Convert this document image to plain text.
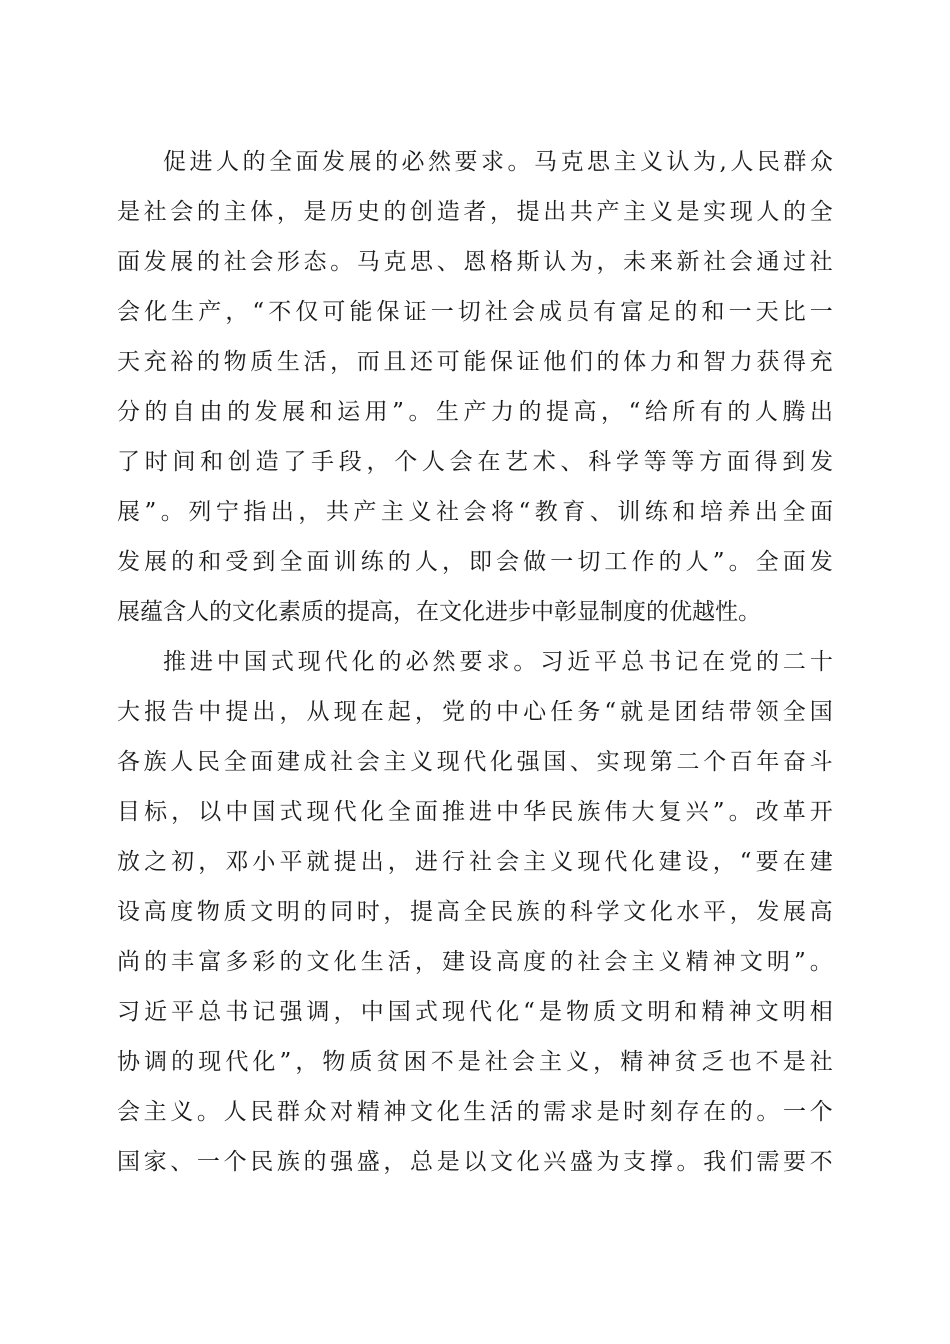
促 进 人 的 全 面 发 展 的 必 然 要 求 。 马 克 思 主 义 认 为 , 人 民 群 众
是 社 会 的 主 体 ， 是 历 史 的 创 造 者 ， 提 出 共 产 主 义 是 实 现 人 的 全
面 发 展 的 社 会 形 态 。 马 克 思 、 恩 格 斯 认 为 ， 未 来 新 社 会 通 过 社
会 化 生 产 ， “ 不 仅 可 能 保 证 一 切 社 会 成 员 有 富 足 的 和 一 天 比 一
天 充 裕 的 物 质 生 活 ， 而 且 还 可 能 保 证 他 们 的 体 力 和 智 力 获 得 充
分 的 自 由 的 发 展 和 运 用 ” 。 生 产 力 的 提 高 ， “ 给 所 有 的 人 腾 出
了 时 间 和 创 造 了 手 段 ， 个 人 会 在 艺 术 、 科 学 等 等 方 面 得 到 发
展 ” 。 列 宁 指 出 ， 共 产 主 义 社 会 将 “ 教 育 、 训 练 和 培 养 出 全 面
发 展 的 和 受 到 全 面 训 练 的 人 ， 即 会 做 一 切 工 作 的 人 ” 。 全 面 发
展 蕴 含 人 的 文 化 素 质 的 提 高 ， 在 文 化 进 步 中 彰 显 制 度 的 优 越 性 。
推 进 中 国 式 现 代 化 的 必 然 要 求 。 习 近 平 总 书 记 在 党 的 二 十
大 报 告 中 提 出 ， 从 现 在 起 ， 党 的 中 心 任 务 “ 就 是 团 结 带 领 全 国
各 族 人 民 全 面 建 成 社 会 主 义 现 代 化 强 国 、 实 现 第 二 个 百 年 奋 斗
目 标 ， 以 中 国 式 现 代 化 全 面 推 进 中 华 民 族 伟 大 复 兴 ” 。 改 革 开
放 之 初 ， 邓 小 平 就 提 出 ， 进 行 社 会 主 义 现 代 化 建 设 ， “ 要 在 建
设 高 度 物 质 文 明 的 同 时 ， 提 高 全 民 族 的 科 学 文 化 水 平 ， 发 展 高
尚 的 丰 富 多 彩 的 文 化 生 活 ， 建 设 高 度 的 社 会 主 义 精 神 文 明 ” 。
习 近 平 总 书 记 强 调 ， 中 国 式 现 代 化 “ 是 物 质 文 明 和 精 神 文 明 相
协 调 的 现 代 化 ” ， 物 质 贫 困 不 是 社 会 主 义 ， 精 神 贫 乏 也 不 是 社
会 主 义 。 人 民 群 众 对 精 神 文 化 生 活 的 需 求 是 时 刻 存 在 的 。 一 个
国 家 、 一 个 民 族 的 强 盛 ， 总 是 以 文 化 兴 盛 为 支 撑 。 我 们 需 要 不
